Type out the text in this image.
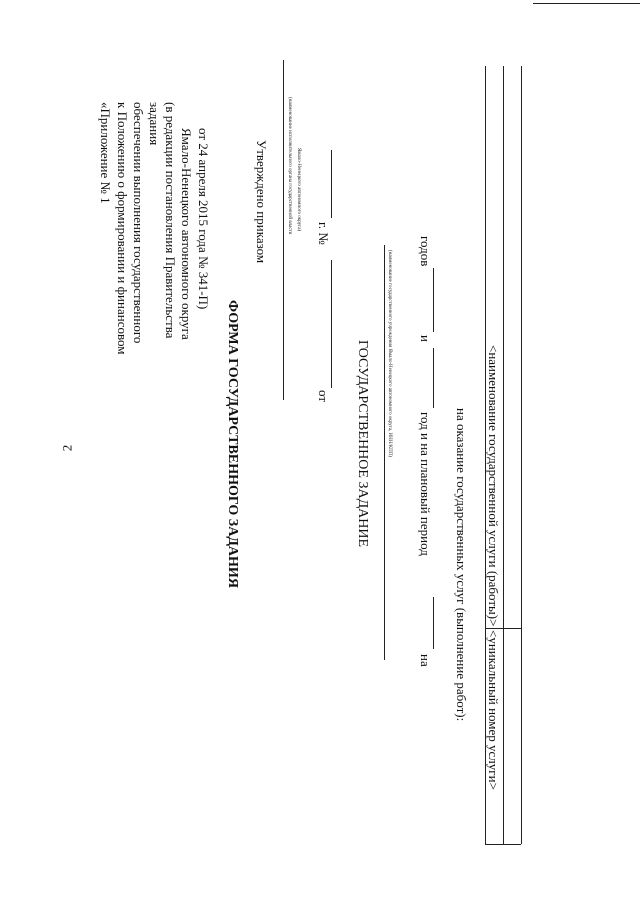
2
«Приложение № 1 к Положению о формировании и финансовом обеспечении выполнения государственного задания (в редакции постановления Правительства Ямало-Ненецкого автономного округа от 24 апреля 2015 года № 341-П)
ФОРМА ГОСУДАРСТВЕННОГО ЗАДАНИЯ
Утверждено приказом	(наименование исполнительного органа государственной власти Ямало-Ненецкого автономного округа)
от
г. №
ГОСУДАРСТВЕННОЕ ЗАДАНИЕ	(наименование государственного учреждения Ямало-Ненецкого автономного округа, ИНН/КПП)
на
год и на плановый период
и
годов
на оказание государственных услуг (выполнение работ): <уникальный номер услуги>
<наименование государственной услуги (работы)>
